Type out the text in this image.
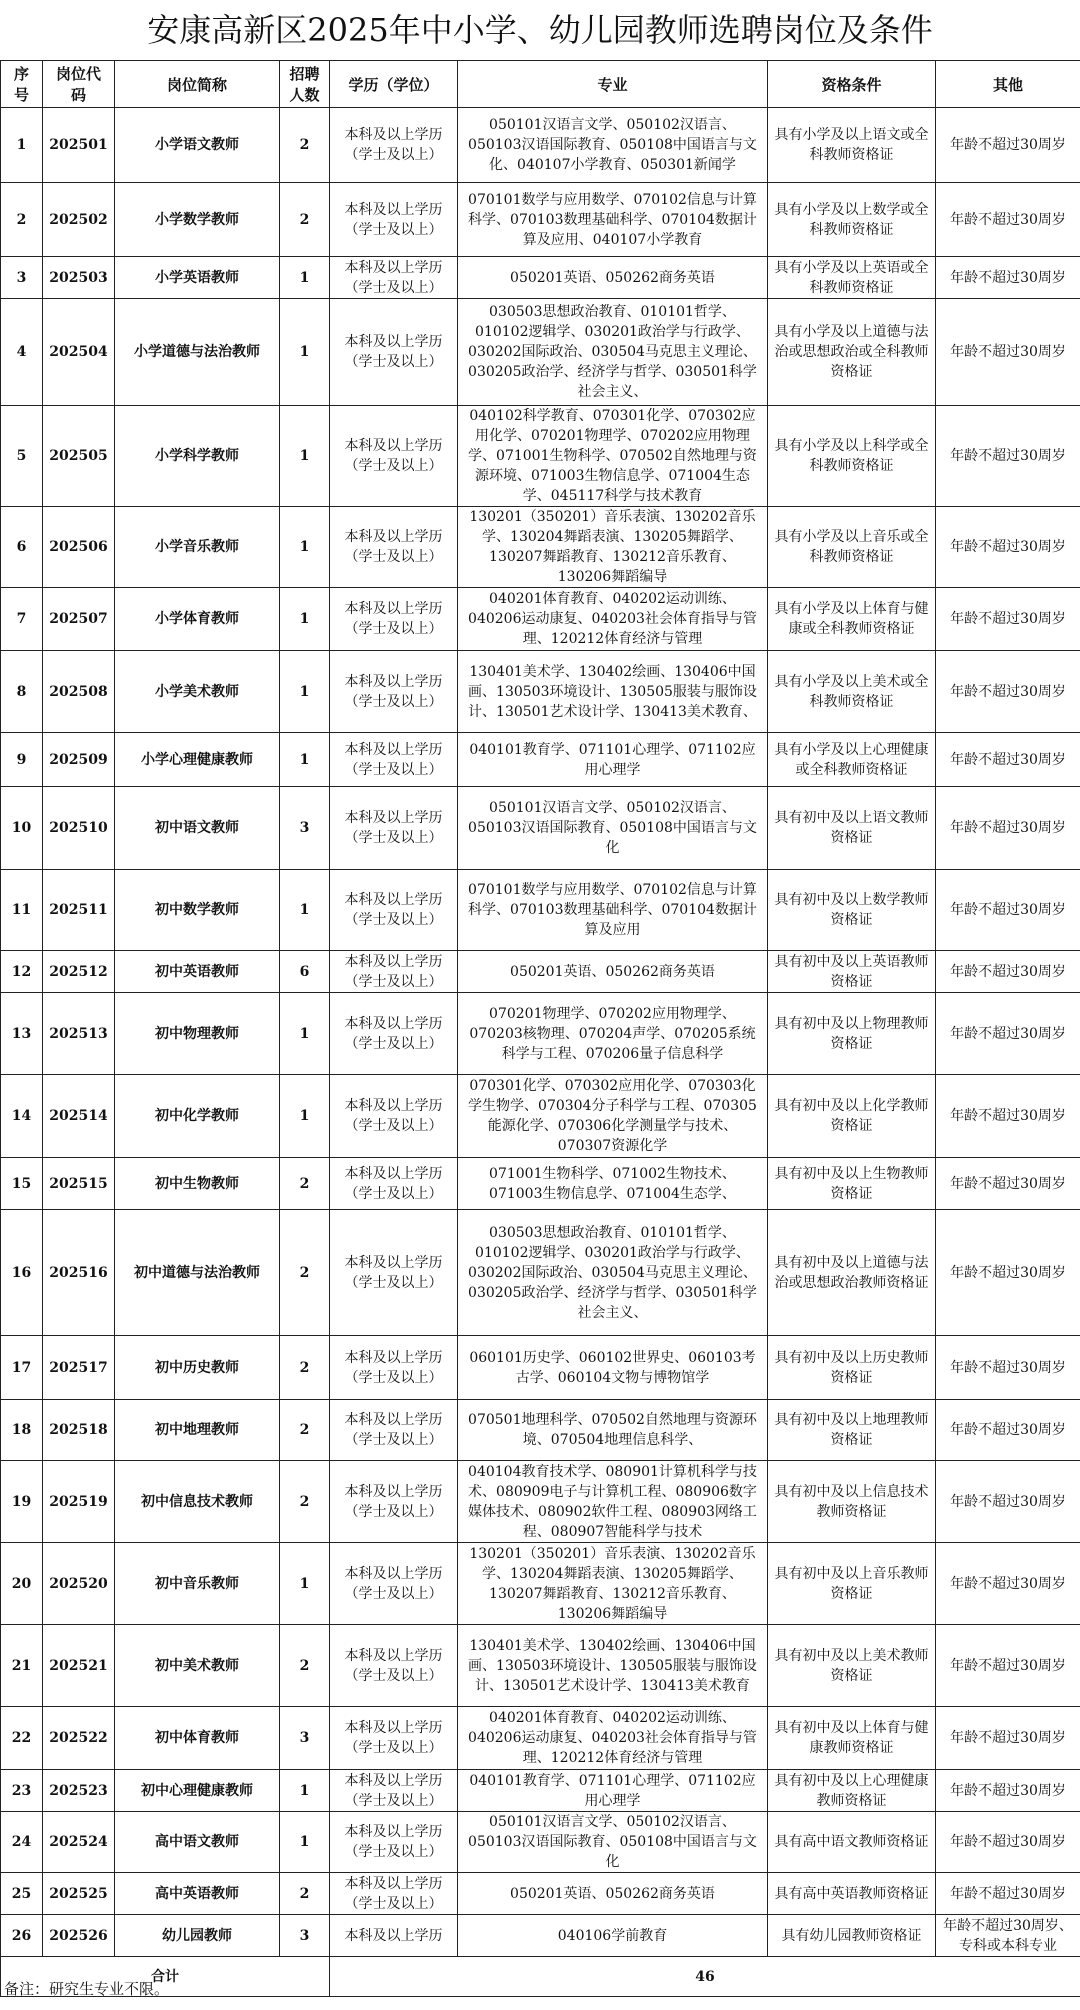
安康高新区2025年中小学、幼儿园教师选聘岗位及条件
序号	岗位代码	岗位简称	招聘人数	学历（学位）	专业	资格条件	其他
1	202501	小学语文教师	2	本科及以上学历（学士及以上）	050101汉语言文学、050102汉语言、050103汉语国际教育、050108中国语言与文化、040107小学教育、050301新闻学	具有小学及以上语文或全科教师资格证	年龄不超过30周岁
2	202502	小学数学教师	2	本科及以上学历（学士及以上）	070101数学与应用数学、070102信息与计算科学、070103数理基础科学、070104数据计算及应用、040107小学教育	具有小学及以上数学或全科教师资格证	年龄不超过30周岁
3	202503	小学英语教师	1	本科及以上学历（学士及以上）	050201英语、050262商务英语	具有小学及以上英语或全科教师资格证	年龄不超过30周岁
4	202504	小学道德与法治教师	1	本科及以上学历（学士及以上）	030503思想政治教育、010101哲学、010102逻辑学、030201政治学与行政学、030202国际政治、030504马克思主义理论、030205政治学、经济学与哲学、030501科学社会主义、	具有小学及以上道德与法治或思想政治或全科教师资格证	年龄不超过30周岁
5	202505	小学科学教师	1	本科及以上学历（学士及以上）	040102科学教育、070301化学、070302应用化学、070201物理学、070202应用物理学、071001生物科学、070502自然地理与资源环境、071003生物信息学、071004生态学、045117科学与技术教育	具有小学及以上科学或全科教师资格证	年龄不超过30周岁
6	202506	小学音乐教师	1	本科及以上学历（学士及以上）	130201（350201）音乐表演、130202音乐学、130204舞蹈表演、130205舞蹈学、130207舞蹈教育、130212音乐教育、130206舞蹈编导	具有小学及以上音乐或全科教师资格证	年龄不超过30周岁
7	202507	小学体育教师	1	本科及以上学历（学士及以上）	040201体育教育、040202运动训练、040206运动康复、040203社会体育指导与管理、120212体育经济与管理	具有小学及以上体育与健康或全科教师资格证	年龄不超过30周岁
8	202508	小学美术教师	1	本科及以上学历（学士及以上）	130401美术学、130402绘画、130406中国画、130503环境设计、130505服装与服饰设计、130501艺术设计学、130413美术教育、	具有小学及以上美术或全科教师资格证	年龄不超过30周岁
9	202509	小学心理健康教师	1	本科及以上学历（学士及以上）	040101教育学、071101心理学、071102应用心理学	具有小学及以上心理健康或全科教师资格证	年龄不超过30周岁
10	202510	初中语文教师	3	本科及以上学历（学士及以上）	050101汉语言文学、050102汉语言、050103汉语国际教育、050108中国语言与文化	具有初中及以上语文教师资格证	年龄不超过30周岁
11	202511	初中数学教师	1	本科及以上学历（学士及以上）	070101数学与应用数学、070102信息与计算科学、070103数理基础科学、070104数据计算及应用	具有初中及以上数学教师资格证	年龄不超过30周岁
12	202512	初中英语教师	6	本科及以上学历（学士及以上）	050201英语、050262商务英语	具有初中及以上英语教师资格证	年龄不超过30周岁
13	202513	初中物理教师	1	本科及以上学历（学士及以上）	070201物理学、070202应用物理学、070203核物理、070204声学、070205系统科学与工程、070206量子信息科学	具有初中及以上物理教师资格证	年龄不超过30周岁
14	202514	初中化学教师	1	本科及以上学历（学士及以上）	070301化学、070302应用化学、070303化学生物学、070304分子科学与工程、070305能源化学、070306化学测量学与技术、070307资源化学	具有初中及以上化学教师资格证	年龄不超过30周岁
15	202515	初中生物教师	2	本科及以上学历（学士及以上）	071001生物科学、071002生物技术、071003生物信息学、071004生态学、	具有初中及以上生物教师资格证	年龄不超过30周岁
16	202516	初中道德与法治教师	2	本科及以上学历（学士及以上）	030503思想政治教育、010101哲学、010102逻辑学、030201政治学与行政学、030202国际政治、030504马克思主义理论、030205政治学、经济学与哲学、030501科学社会主义、	具有初中及以上道德与法治或思想政治教师资格证	年龄不超过30周岁
17	202517	初中历史教师	2	本科及以上学历（学士及以上）	060101历史学、060102世界史、060103考古学、060104文物与博物馆学	具有初中及以上历史教师资格证	年龄不超过30周岁
18	202518	初中地理教师	2	本科及以上学历（学士及以上）	070501地理科学、070502自然地理与资源环境、070504地理信息科学、	具有初中及以上地理教师资格证	年龄不超过30周岁
19	202519	初中信息技术教师	2	本科及以上学历（学士及以上）	040104教育技术学、080901计算机科学与技术、080909电子与计算机工程、080906数字媒体技术、080902软件工程、080903网络工程、080907智能科学与技术	具有初中及以上信息技术教师资格证	年龄不超过30周岁
20	202520	初中音乐教师	1	本科及以上学历（学士及以上）	130201（350201）音乐表演、130202音乐学、130204舞蹈表演、130205舞蹈学、130207舞蹈教育、130212音乐教育、130206舞蹈编导	具有初中及以上音乐教师资格证	年龄不超过30周岁
21	202521	初中美术教师	2	本科及以上学历（学士及以上）	130401美术学、130402绘画、130406中国画、130503环境设计、130505服装与服饰设计、130501艺术设计学、130413美术教育	具有初中及以上美术教师资格证	年龄不超过30周岁
22	202522	初中体育教师	3	本科及以上学历（学士及以上）	040201体育教育、040202运动训练、040206运动康复、040203社会体育指导与管理、120212体育经济与管理	具有初中及以上体育与健康教师资格证	年龄不超过30周岁
23	202523	初中心理健康教师	1	本科及以上学历（学士及以上）	040101教育学、071101心理学、071102应用心理学	具有初中及以上心理健康教师资格证	年龄不超过30周岁
24	202524	高中语文教师	1	本科及以上学历（学士及以上）	050101汉语言文学、050102汉语言、050103汉语国际教育、050108中国语言与文化	具有高中语文教师资格证	年龄不超过30周岁
25	202525	高中英语教师	2	本科及以上学历（学士及以上）	050201英语、050262商务英语	具有高中英语教师资格证	年龄不超过30周岁
26	202526	幼儿园教师	3	本科及以上学历	040106学前教育	具有幼儿园教师资格证	年龄不超过30周岁、专科或本科专业
合计				46			
备注：研究生专业不限。
